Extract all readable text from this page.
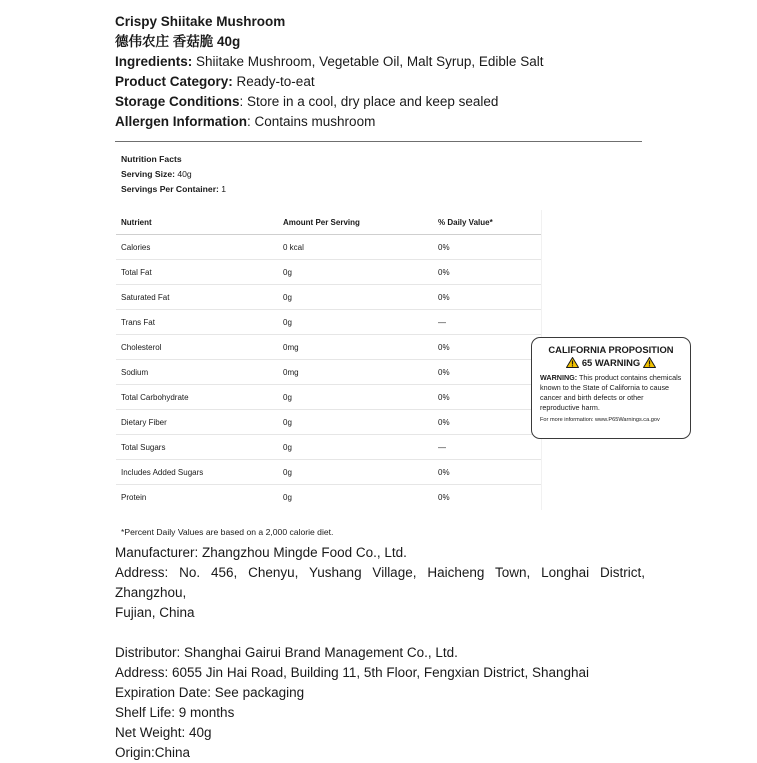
Crispy Shiitake Mushroom
德伟农庄 香菇脆 40g
Ingredients: Shiitake Mushroom, Vegetable Oil, Malt Syrup, Edible Salt
Product Category: Ready-to-eat
Storage Conditions: Store in a cool, dry place and keep sealed
Allergen Information: Contains mushroom
Nutrition Facts
Serving Size: 40g
Servings Per Container: 1
Nutrient	Amount Per Serving	% Daily Value*
Calories	0 kcal	0%
Total Fat	0g	0%
Saturated Fat	0g	0%
Trans Fat	0g	—
Cholesterol	0mg	0%
Sodium	0mg	0%
Total Carbohydrate	0g	0%
Dietary Fiber	0g	0%
Total Sugars	0g	—
Includes Added Sugars	0g	0%
Protein	0g	0%
*Percent Daily Values are based on a 2,000 calorie diet.
CALIFORNIA PROPOSITION
65 WARNING
WARNING: This product contains chemicals known to the State of California to cause cancer and birth defects or other reproductive harm.
For more information: www.P65Warnings.ca.gov
Manufacturer: Zhangzhou Mingde Food Co., Ltd.
Address: No. 456, Chenyu, Yushang Village, Haicheng Town, Longhai District, Zhangzhou,
Fujian, China
Distributor: Shanghai Gairui Brand Management Co., Ltd.
Address: 6055 Jin Hai Road, Building 11, 5th Floor, Fengxian District, Shanghai
Expiration Date: See packaging
Shelf Life: 9 months
Net Weight: 40g
Origin:China
